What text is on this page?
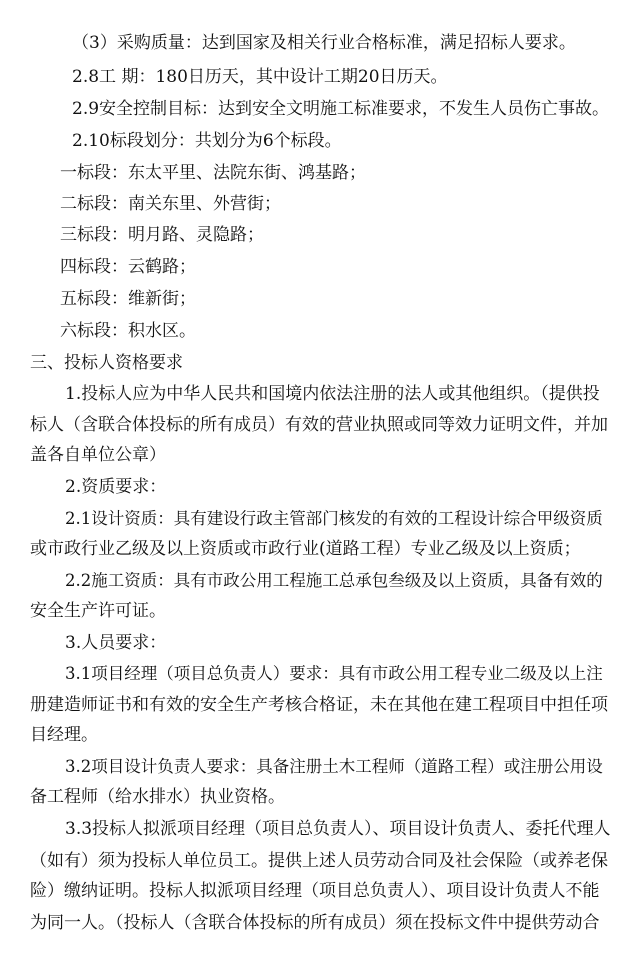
（3）采购质量：达到国家及相关行业合格标准，满足招标人要求。

2.8工 期：180日历天，其中设计工期20日历天。

2.9安全控制目标：达到安全文明施工标准要求，不发生人员伤亡事故。

2.10标段划分：共划分为6个标段。

一标段：东太平里、法院东街、鸿基路；

二标段：南关东里、外营街；

三标段：明月路、灵隐路；

四标段：云鹤路；

五标段：维新街；

六标段：积水区。

三、投标人资格要求

1.投标人应为中华人民共和国境内依法注册的法人或其他组织。（提供投

标人（含联合体投标的所有成员）有效的营业执照或同等效力证明文件，并加

盖各自单位公章）

2.资质要求：

2.1设计资质：具有建设行政主管部门核发的有效的工程设计综合甲级资质

或市政行业乙级及以上资质或市政行业(道路工程）专业乙级及以上资质；

2.2施工资质：具有市政公用工程施工总承包叁级及以上资质，具备有效的

安全生产许可证。

3.人员要求：

3.1项目经理（项目总负责人）要求：具有市政公用工程专业二级及以上注

册建造师证书和有效的安全生产考核合格证，未在其他在建工程项目中担任项

目经理。

3.2项目设计负责人要求：具备注册土木工程师（道路工程）或注册公用设

备工程师（给水排水）执业资格。

3.3投标人拟派项目经理（项目总负责人）、项目设计负责人、委托代理人

（如有）须为投标人单位员工。提供上述人员劳动合同及社会保险（或养老保

险）缴纳证明。投标人拟派项目经理（项目总负责人）、项目设计负责人不能

为同一人。（投标人（含联合体投标的所有成员）须在投标文件中提供劳动合
